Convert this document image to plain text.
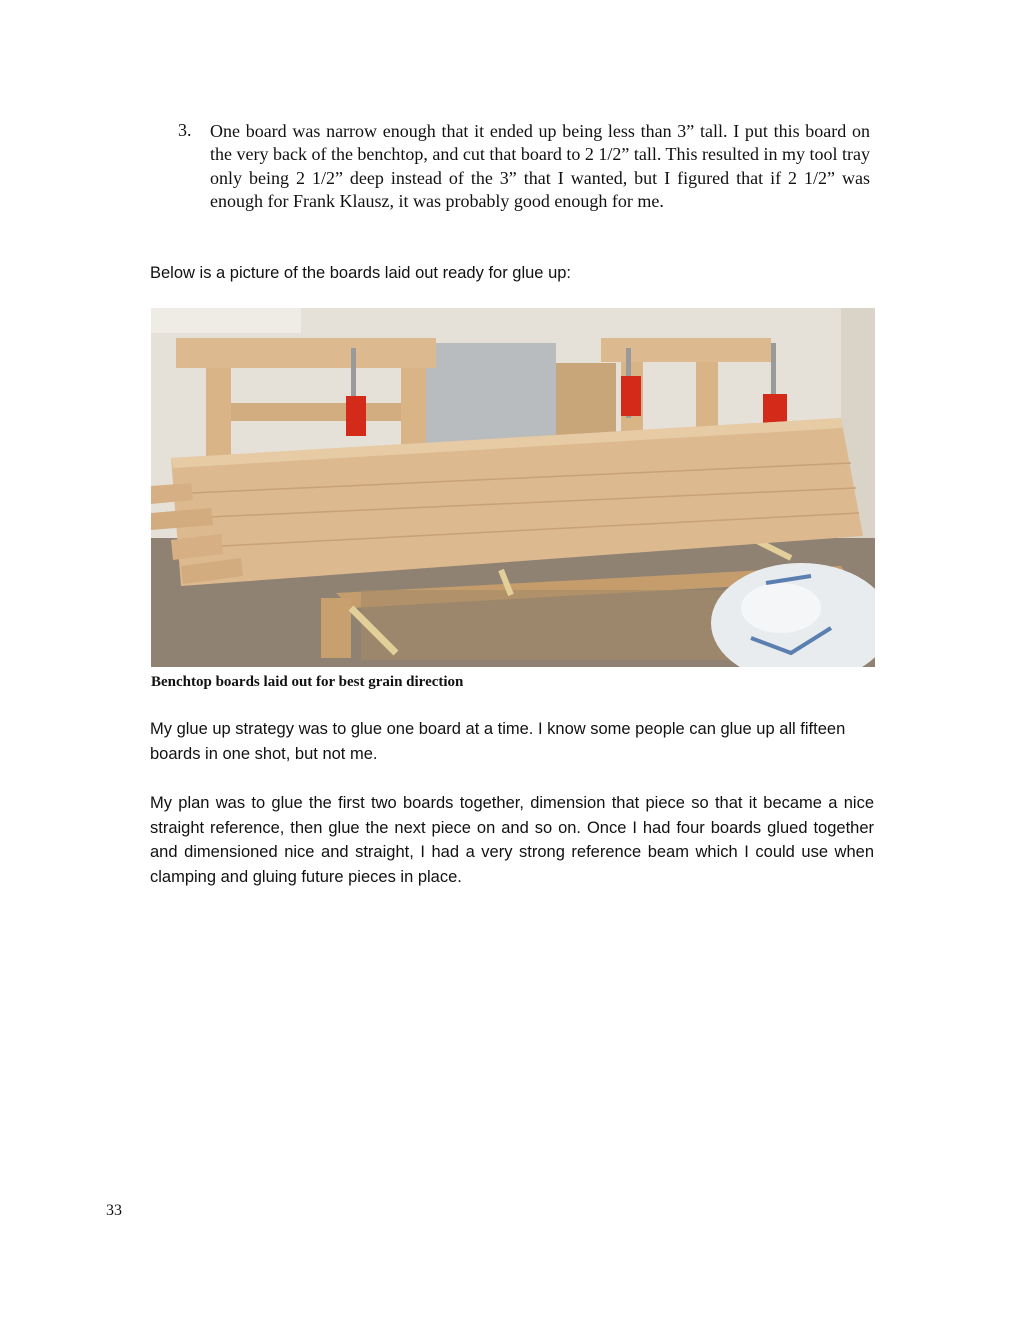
3. One board was narrow enough that it ended up being less than 3” tall. I put this board on the very back of the benchtop, and cut that board to 2 1/2” tall. This resulted in my tool tray only being 2 1/2” deep instead of the 3” that I wanted, but I figured that if 2 1/2” was enough for Frank Klausz, it was probably good enough for me.
Below is a picture of the boards laid out ready for glue up:
Benchtop boards laid out for best grain direction
My glue up strategy was to glue one board at a time. I know some people can glue up all fifteen boards in one shot, but not me.
My plan was to glue the first two boards together, dimension that piece so that it became a nice straight reference, then glue the next piece on and so on. Once I had four boards glued together and dimensioned nice and straight, I had a very strong reference beam which I could use when clamping and gluing future pieces in place.
33
